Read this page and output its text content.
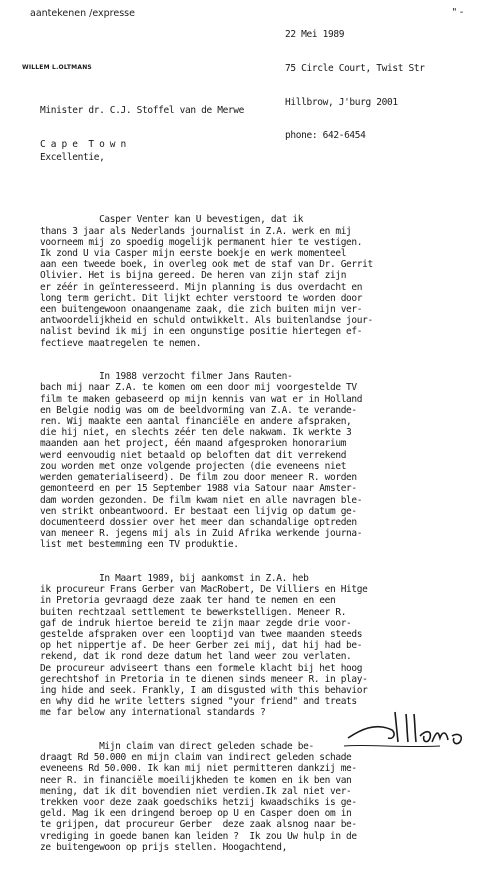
aantekenen /expresse	" -

22 Mei 1989

75 Circle Court, Twist Str

Hillbrow, J'burg 2001

phone: 642-6454

WILLEM L.OLTMANS

Minister dr. C.J. Stoffel van de Merwe

C a p e  T o w n

Excellentie,

Casper Venter kan U bevestigen, dat ik
thans 3 jaar als Nederlands journalist in Z.A. werk en mij
voorneem mij zo spoedig mogelijk permanent hier te vestigen.
Ik zond U via Casper mijn eerste boekje en werk momenteel
aan een tweede boek, in overleg ook met de staf van Dr. Gerrit
Olivier. Het is bijna gereed. De heren van zijn staf zijn
er zéér in geïnteresseerd. Mijn planning is dus overdacht en
long term gericht. Dit lijkt echter verstoord te worden door
een buitengewoon onaangename zaak, die zich buiten mijn ver-
antwoordelijkheid en schuld ontwikkelt. Als buitenlandse jour-
nalist bevind ik mij in een ongunstige positie hiertegen ef-
fectieve maatregelen te nemen.

In 1988 verzocht filmer Jans Rauten-
bach mij naar Z.A. te komen om een door mij voorgestelde TV
film te maken gebaseerd op mijn kennis van wat er in Holland
en Belgie nodig was om de beeldvorming van Z.A. te verande-
ren. Wij maakte een aantal financiële en andere afspraken,
die hij niet, en slechts zéér ten dele nakwam. Ik werkte 3
maanden aan het project, één maand afgesproken honorarium
werd eenvoudig niet betaald op beloften dat dit verrekend
zou worden met onze volgende projecten (die eveneens niet
werden gematerialiseerd). De film zou door meneer R. worden
gemonteerd en per 15 September 1988 via Satour naar Amster-
dam worden gezonden. De film kwam niet en alle navragen ble-
ven strikt onbeantwoord. Er bestaat een lijvig op datum ge-
documenteerd dossier over het meer dan schandalige optreden
van meneer R. jegens mij als in Zuid Afrika werkende journa-
list met bestemming een TV produktie.

In Maart 1989, bij aankomst in Z.A. heb
ik procureur Frans Gerber van MacRobert, De Villiers en Hitge
in Pretoria gevraagd deze zaak ter hand te nemen en een
buiten rechtzaal settlement te bewerkstelligen. Meneer R.
gaf de indruk hiertoe bereid te zijn maar zegde drie voor-
gestelde afspraken over een looptiȷd van twee maanden steeds
op het nippertje af. De heer Gerber zei mij, dat hij had be-
rekend, dat ik rond deze datum het land weer zou verlaten.
De procureur adviseert thans een formele klacht bij het hoog
gerechtshof in Pretoria in te dienen sinds meneer R. in play-
ing hide and seek. Frankly, I am disgusted with this behavior
en why did he write letters signed "your friend" and treats
me far below any international standards ?

Mijn claim van direct geleden schade be-
draagt Rd 50.000 en mijn claim van indirect geleden schade
eveneens Rd 50.000. Ik kan mij niet permitteren dankzij me-
neer R. in financiële moeilijkheden te komen en ik ben van
mening, dat ik dit bovendien niet verdien.Ik zal niet ver-
trekken voor deze zaak goedschiks hetzij kwaadschiks is ge-
geld. Mag ik een dringend beroep op U en Casper doen om in
te grijpen, dat procureur Gerber  deze zaak alsnog naar be-
vrediging in goede banen kan leiden ?  Ik zou Uw hulp in de
ze buitengewoon op prijs stellen. Hoogachtend,
